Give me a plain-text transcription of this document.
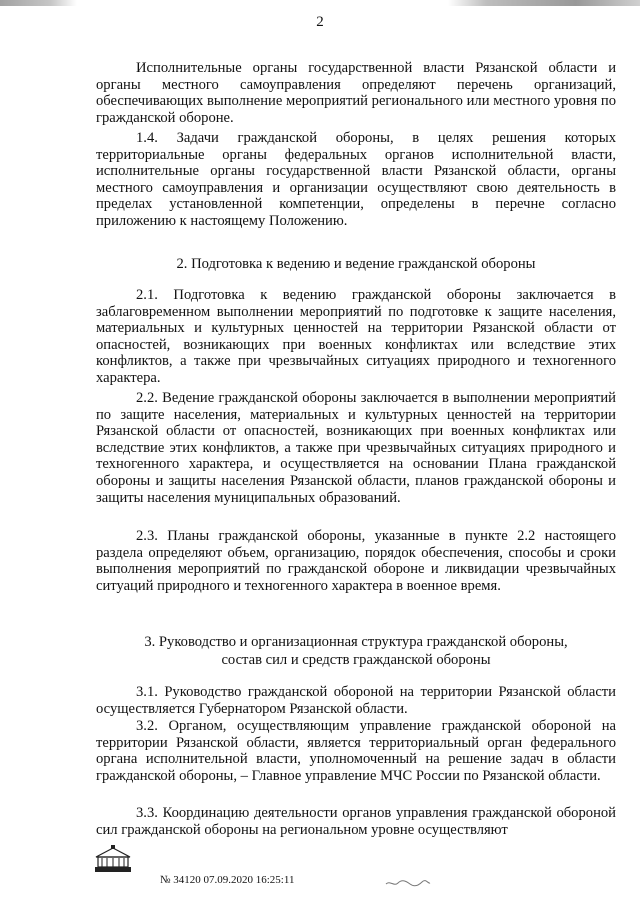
2

Исполнительные органы государственной власти Рязанской области и органы местного самоуправления определяют перечень организаций, обеспечивающих выполнение мероприятий регионального или местного уровня по гражданской обороне.

1.4. Задачи гражданской обороны, в целях решения которых территориальные органы федеральных органов исполнительной власти, исполнительные органы государственной власти Рязанской области, органы местного самоуправления и организации осуществляют свою деятельность в пределах установленной компетенции, определены в перечне согласно приложению к настоящему Положению.

2. Подготовка к ведению и ведение гражданской обороны

2.1. Подготовка к ведению гражданской обороны заключается в заблаговременном выполнении мероприятий по подготовке к защите населения, материальных и культурных ценностей на территории Рязанской области от опасностей, возникающих при военных конфликтах или вследствие этих конфликтов, а также при чрезвычайных ситуациях природного и техногенного характера.

2.2. Ведение гражданской обороны заключается в выполнении мероприятий по защите населения, материальных и культурных ценностей на территории Рязанской области от опасностей, возникающих при военных конфликтах или вследствие этих конфликтов, а также при чрезвычайных ситуациях природного и техногенного характера, и осуществляется на основании Плана гражданской обороны и защиты населения Рязанской области, планов гражданской обороны и защиты населения муниципальных образований.

2.3. Планы гражданской обороны, указанные в пункте 2.2 настоящего раздела определяют объем, организацию, порядок обеспечения, способы и сроки выполнения мероприятий по гражданской обороне и ликвидации чрезвычайных ситуаций природного и техногенного характера в военное время.

3. Руководство и организационная структура гражданской обороны,

состав сил и средств гражданской обороны

3.1. Руководство гражданской обороной на территории Рязанской области осуществляется Губернатором Рязанской области.

3.2. Органом, осуществляющим управление гражданской обороной на территории Рязанской области, является территориальный орган федерального органа исполнительной власти, уполномоченный на решение задач в области гражданской обороны, – Главное управление МЧС России по Рязанской области.

3.3. Координацию деятельности органов управления гражданской обороной сил гражданской обороны на региональном уровне осуществляют

№ 34120 07.09.2020 16:25:11
